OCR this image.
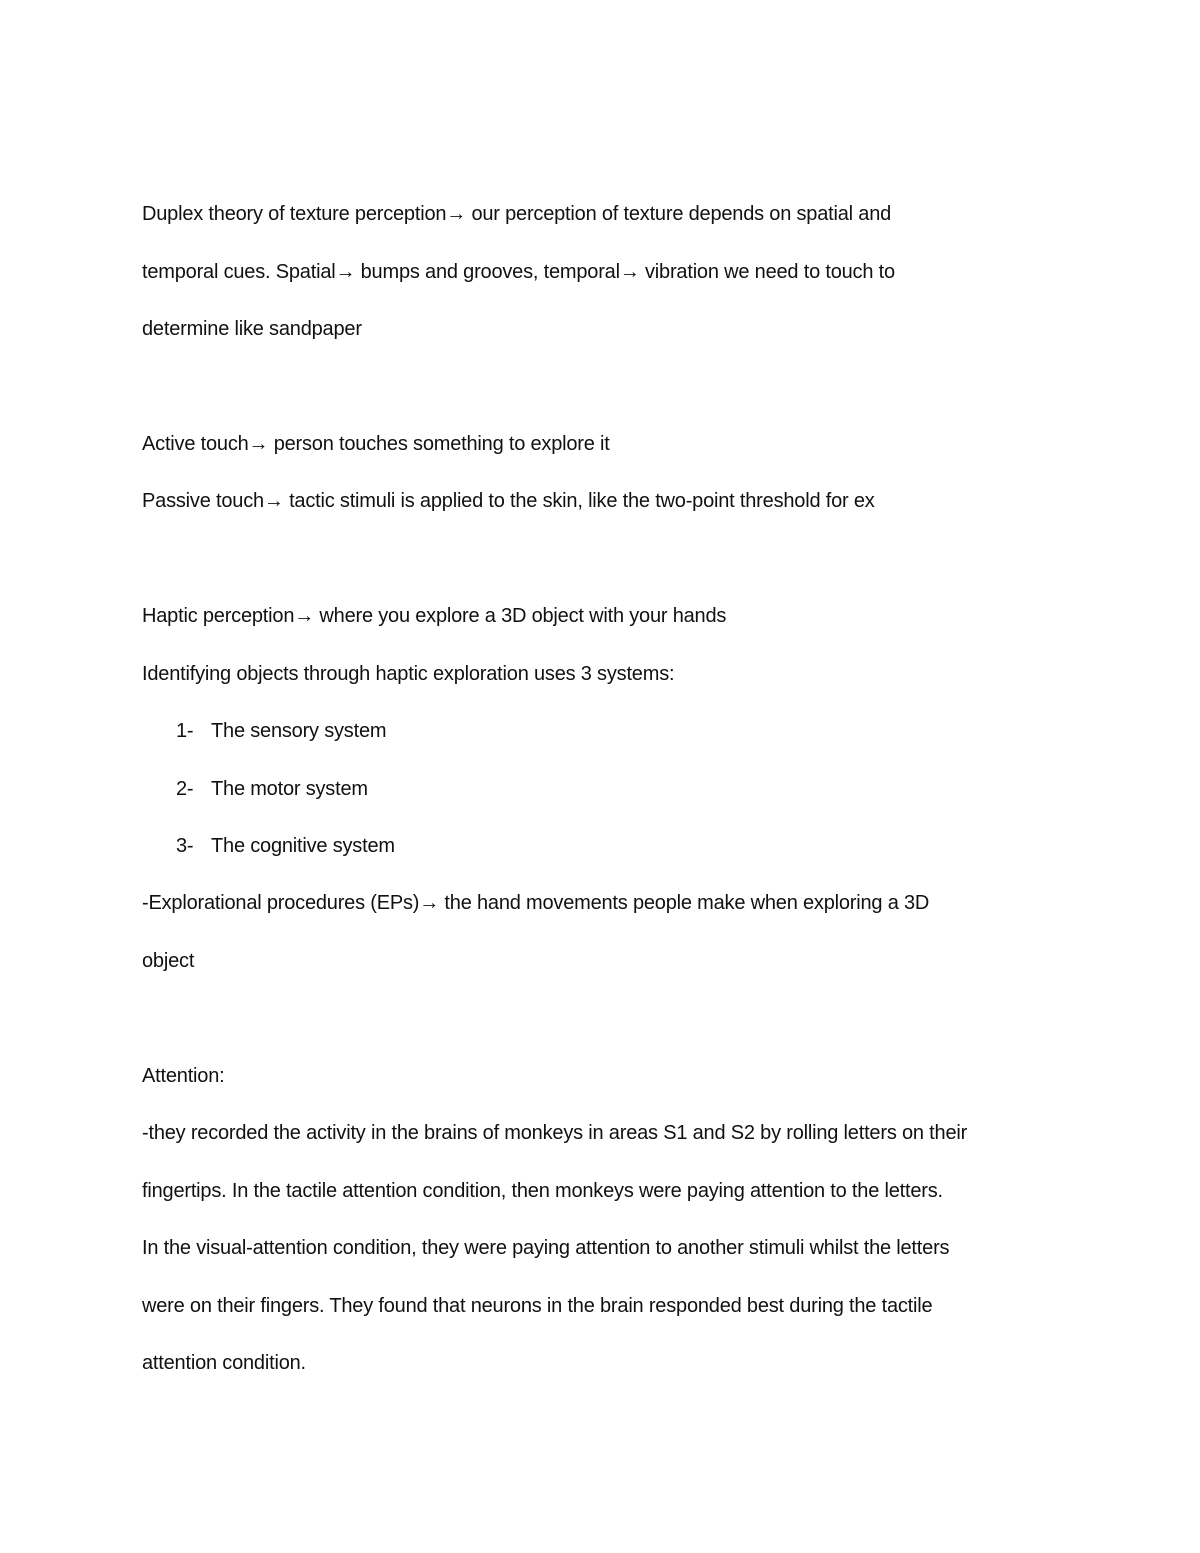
Duplex theory of texture perception→ our perception of texture depends on spatial and
temporal cues. Spatial→ bumps and grooves, temporal→ vibration we need to touch to
determine like sandpaper
Active touch→ person touches something to explore it
Passive touch→ tactic stimuli is applied to the skin, like the two-point threshold for ex
Haptic perception→ where you explore a 3D object with your hands
Identifying objects through haptic exploration uses 3 systems:
1- The sensory system
2- The motor system
3- The cognitive system
-Explorational procedures (EPs)→ the hand movements people make when exploring a 3D
object
Attention:
-they recorded the activity in the brains of monkeys in areas S1 and S2 by rolling letters on their
fingertips. In the tactile attention condition, then monkeys were paying attention to the letters.
In the visual-attention condition, they were paying attention to another stimuli whilst the letters
were on their fingers. They found that neurons in the brain responded best during the tactile
attention condition.
